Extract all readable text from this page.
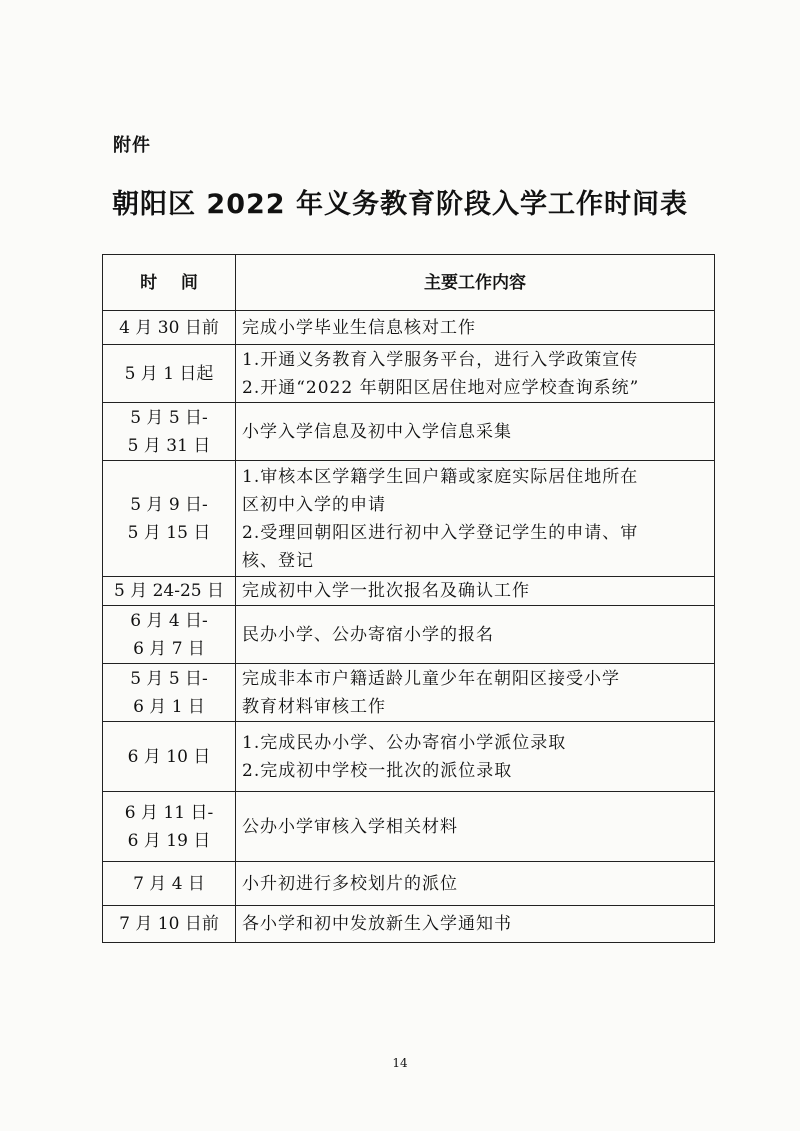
附件
朝阳区 2022 年义务教育阶段入学工作时间表
时    间	主要工作内容

4 月 30 日前	完成小学毕业生信息核对工作

5 月 1 日起	1.开通义务教育入学服务平台，进行入学政策宣传
2.开通“2022 年朝阳区居住地对应学校查询系统”

5 月 5 日-
5 月 31 日	小学入学信息及初中入学信息采集

5 月 9 日-
5 月 15 日	1.审核本区学籍学生回户籍或家庭实际居住地所在
区初中入学的申请
2.受理回朝阳区进行初中入学登记学生的申请、审
核、登记

5 月 24-25 日	完成初中入学一批次报名及确认工作

6 月 4 日-
6 月 7 日	民办小学、公办寄宿小学的报名

5 月 5 日-
6 月 1 日	完成非本市户籍适龄儿童少年在朝阳区接受小学
教育材料审核工作

6 月 10 日	1.完成民办小学、公办寄宿小学派位录取
2.完成初中学校一批次的派位录取

6 月 11 日-
6 月 19 日	公办小学审核入学相关材料

7 月 4 日	小升初进行多校划片的派位

7 月 10 日前	各小学和初中发放新生入学通知书
14
